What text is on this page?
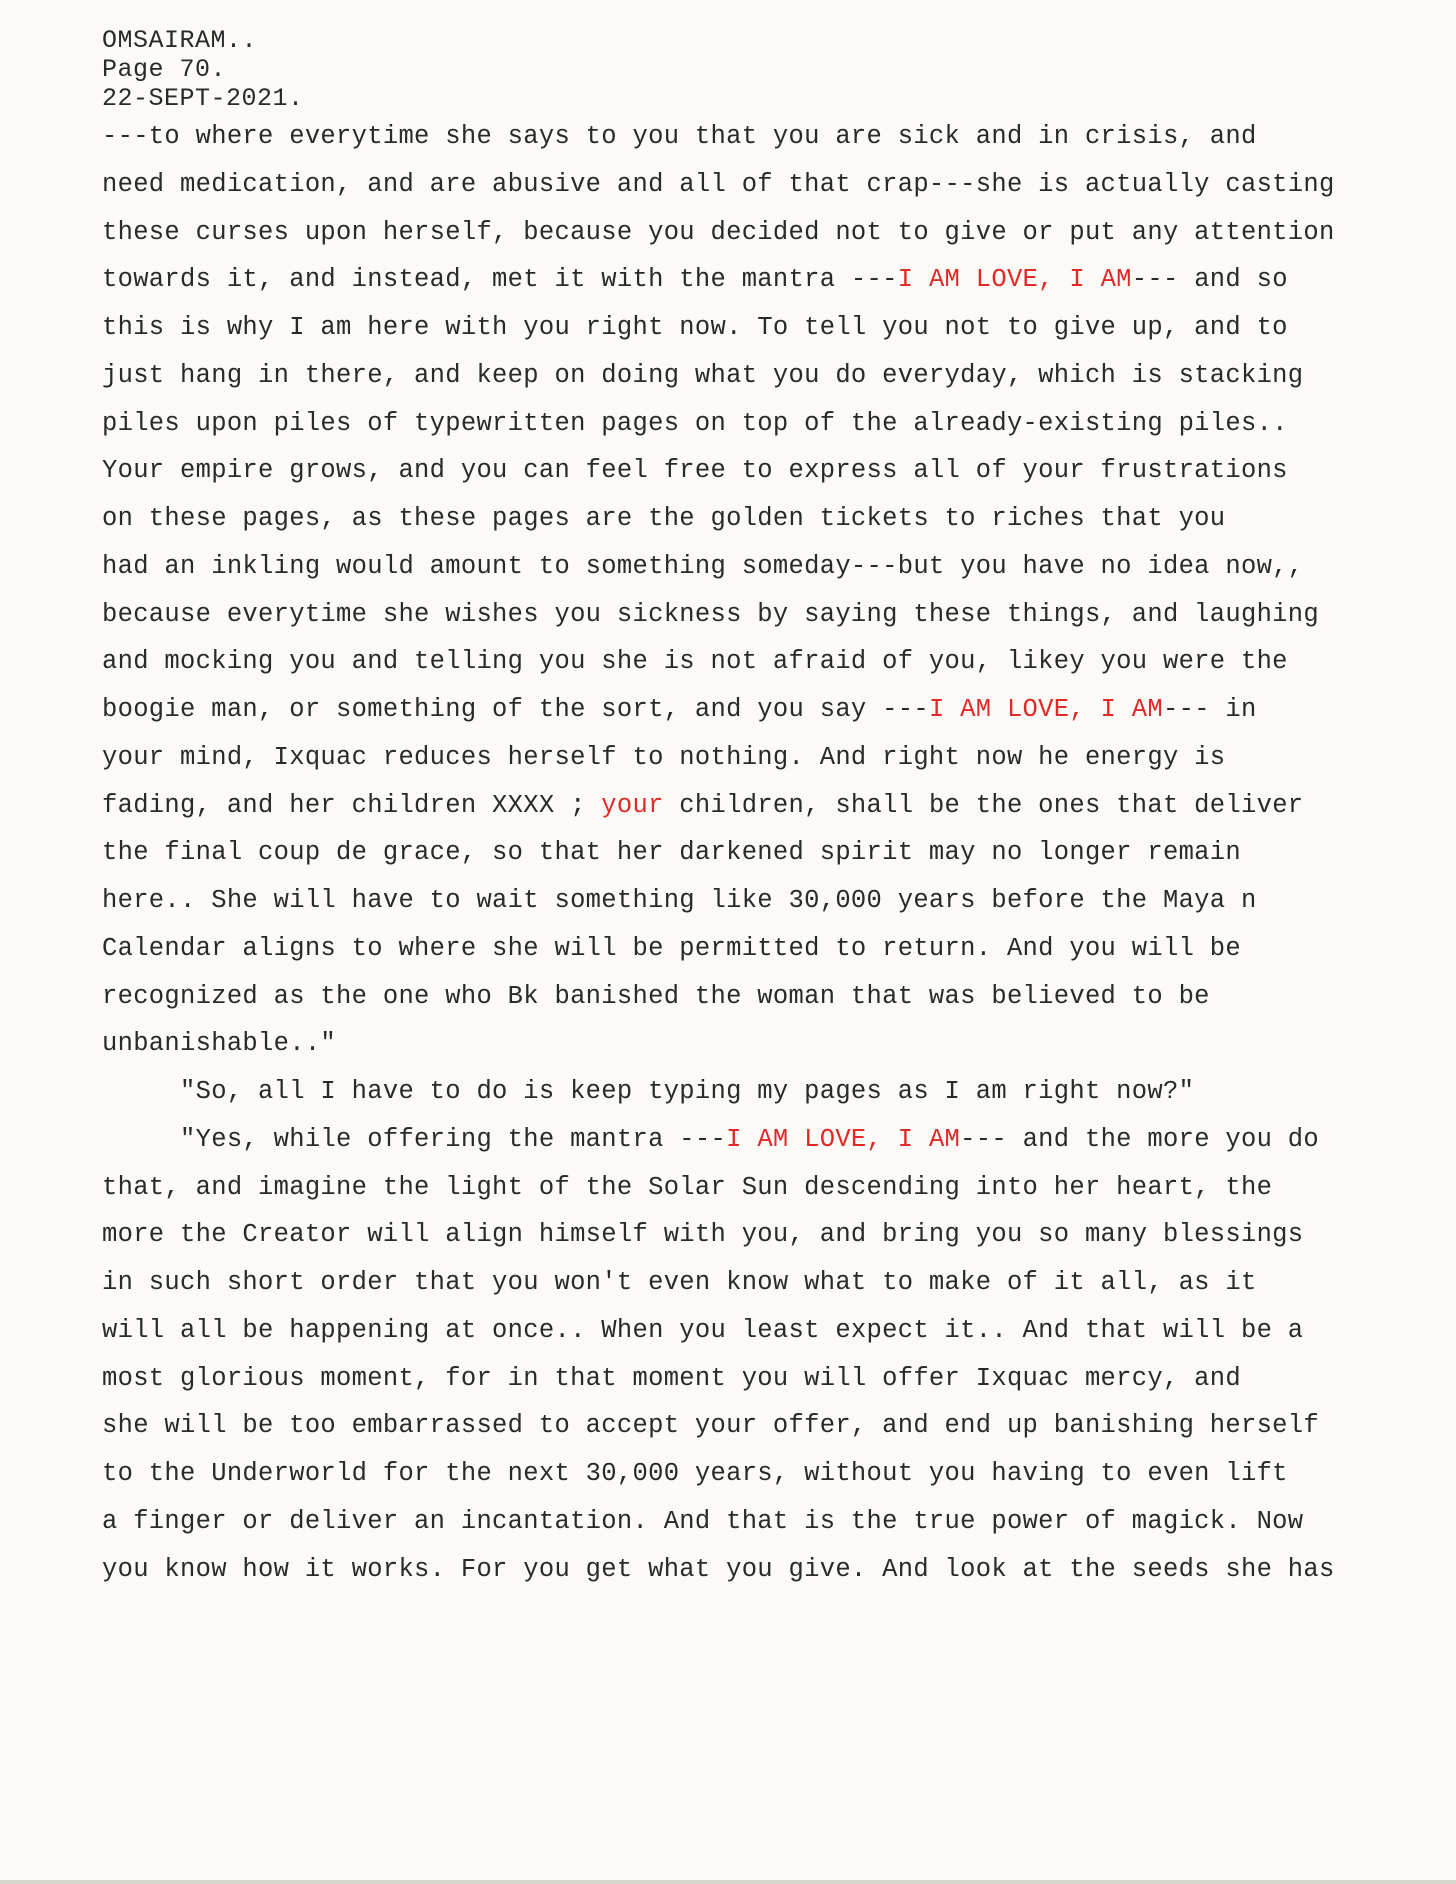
OMSAIRAM..
Page 70.
22-SEPT-2021.
---to where everytime she says to you that you are sick and in crisis, and
need medication, and are abusive and all of that crap---she is actually casting
these curses upon herself, because you decided not to give or put any attention
towards it, and instead, met it with the mantra ---I AM LOVE, I AM--- and so
this is why I am here with you right now. To tell you not to give up, and to
just hang in there, and keep on doing what you do everyday, which is stacking
piles upon piles of typewritten pages on top of the already-existing piles..
Your empire grows, and you can feel free to express all of your frustrations
on these pages, as these pages are the golden tickets to riches that you
had an inkling would amount to something someday---but you have no idea now,,
because everytime she wishes you sickness by saying these things, and laughing
and mocking you and telling you she is not afraid of you, likey you were the
boogie man, or something of the sort, and you say ---I AM LOVE, I AM--- in
your mind, Ixquac reduces herself to nothing. And right now he energy is
fading, and her children XXXX ; your children, shall be the ones that deliver
the final coup de grace, so that her darkened spirit may no longer remain
here.. She will have to wait something like 30,000 years before the Maya n
Calendar aligns to where she will be permitted to return. And you will be
recognized as the one who Bk banished the woman that was believed to be
unbanishable.."
"So, all I have to do is keep typing my pages as I am right now?"
"Yes, while offering the mantra ---I AM LOVE, I AM--- and the more you do
that, and imagine the light of the Solar Sun descending into her heart, the
more the Creator will align himself with you, and bring you so many blessings
in such short order that you won't even know what to make of it all, as it
will all be happening at once.. When you least expect it.. And that will be a
most glorious moment, for in that moment you will offer Ixquac mercy, and
she will be too embarrassed to accept your offer, and end up banishing herself
to the Underworld for the next 30,000 years, without you having to even lift
a finger or deliver an incantation. And that is the true power of magick. Now
you know how it works. For you get what you give. And look at the seeds she has
